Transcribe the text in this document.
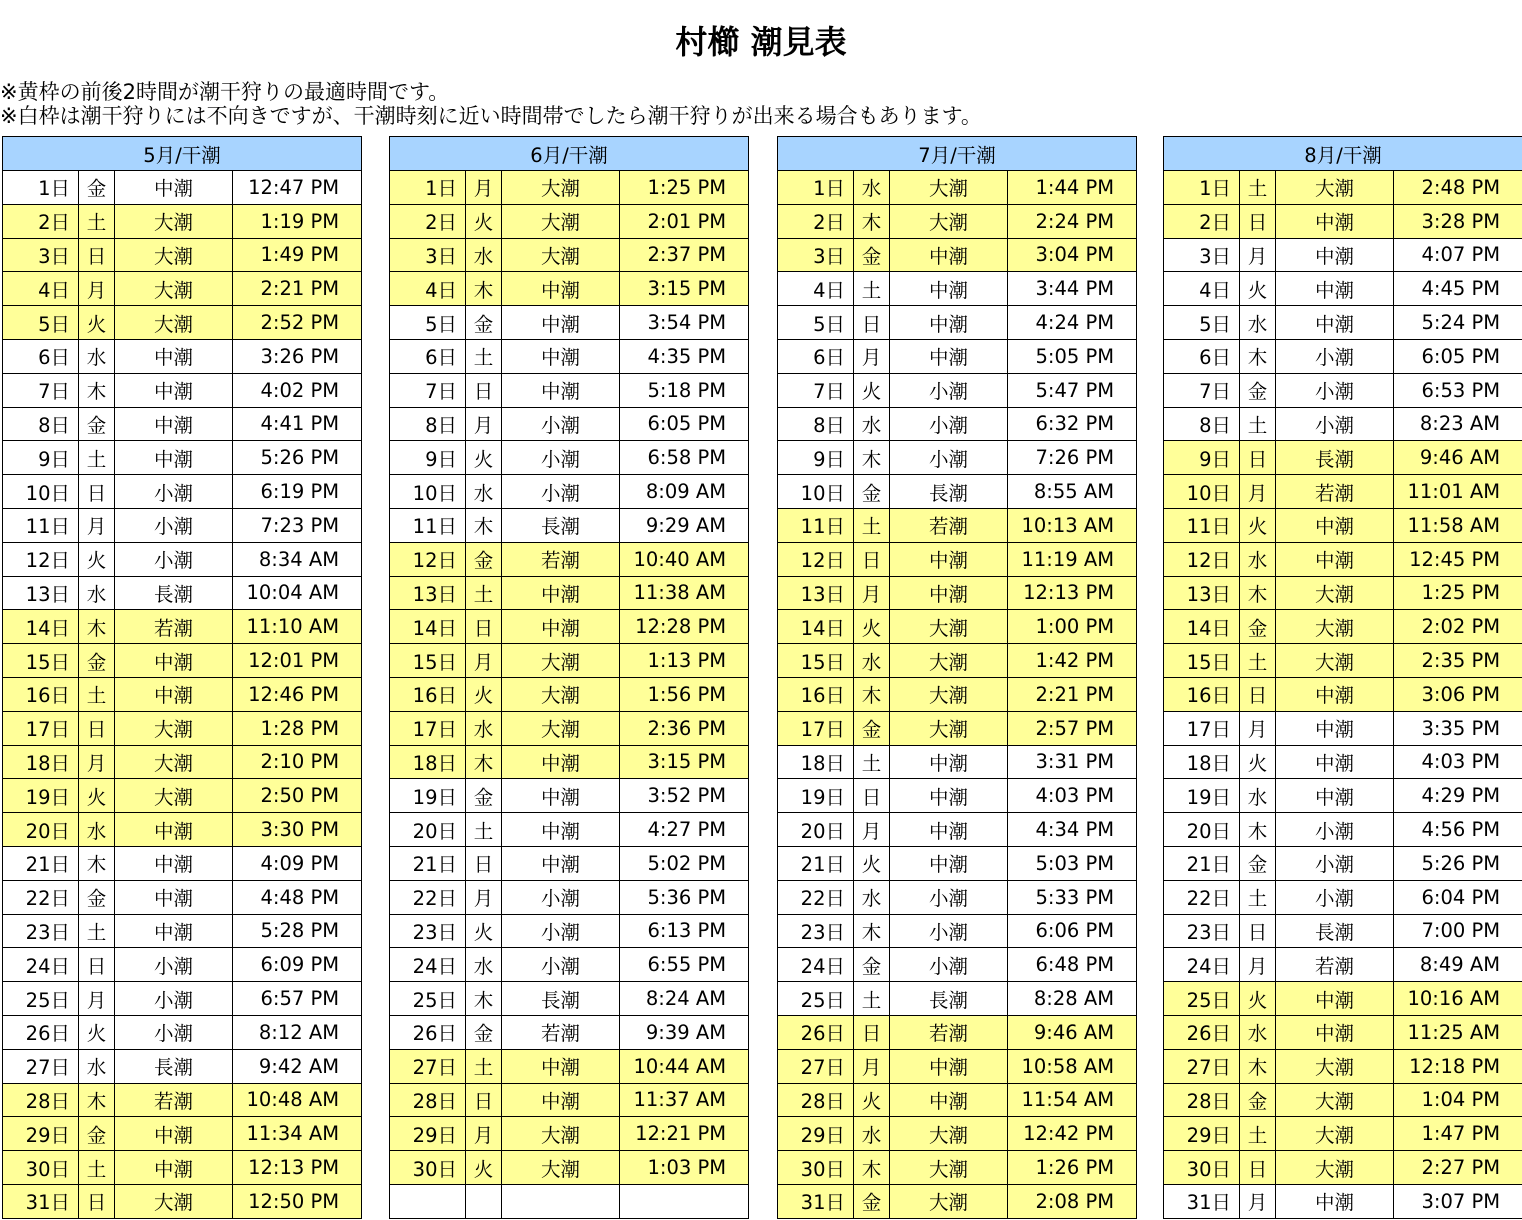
村櫛 潮見表
※黄枠の前後2時間が潮干狩りの最適時間です。
※白枠は潮干狩りには不向きですが、干潮時刻に近い時間帯でしたら潮干狩りが出来る場合もあります。
5月/干潮			
1日	金	中潮	12:47 PM
2日	土	大潮	1:19 PM
3日	日	大潮	1:49 PM
4日	月	大潮	2:21 PM
5日	火	大潮	2:52 PM
6日	水	中潮	3:26 PM
7日	木	中潮	4:02 PM
8日	金	中潮	4:41 PM
9日	土	中潮	5:26 PM
10日	日	小潮	6:19 PM
11日	月	小潮	7:23 PM
12日	火	小潮	8:34 AM
13日	水	長潮	10:04 AM
14日	木	若潮	11:10 AM
15日	金	中潮	12:01 PM
16日	土	中潮	12:46 PM
17日	日	大潮	1:28 PM
18日	月	大潮	2:10 PM
19日	火	大潮	2:50 PM
20日	水	中潮	3:30 PM
21日	木	中潮	4:09 PM
22日	金	中潮	4:48 PM
23日	土	中潮	5:28 PM
24日	日	小潮	6:09 PM
25日	月	小潮	6:57 PM
26日	火	小潮	8:12 AM
27日	水	長潮	9:42 AM
28日	木	若潮	10:48 AM
29日	金	中潮	11:34 AM
30日	土	中潮	12:13 PM
31日	日	大潮	12:50 PM
6月/干潮			
1日	月	大潮	1:25 PM
2日	火	大潮	2:01 PM
3日	水	大潮	2:37 PM
4日	木	中潮	3:15 PM
5日	金	中潮	3:54 PM
6日	土	中潮	4:35 PM
7日	日	中潮	5:18 PM
8日	月	小潮	6:05 PM
9日	火	小潮	6:58 PM
10日	水	小潮	8:09 AM
11日	木	長潮	9:29 AM
12日	金	若潮	10:40 AM
13日	土	中潮	11:38 AM
14日	日	中潮	12:28 PM
15日	月	大潮	1:13 PM
16日	火	大潮	1:56 PM
17日	水	大潮	2:36 PM
18日	木	中潮	3:15 PM
19日	金	中潮	3:52 PM
20日	土	中潮	4:27 PM
21日	日	中潮	5:02 PM
22日	月	小潮	5:36 PM
23日	火	小潮	6:13 PM
24日	水	小潮	6:55 PM
25日	木	長潮	8:24 AM
26日	金	若潮	9:39 AM
27日	土	中潮	10:44 AM
28日	日	中潮	11:37 AM
29日	月	大潮	12:21 PM
30日	火	大潮	1:03 PM

7月/干潮			
1日	水	大潮	1:44 PM
2日	木	大潮	2:24 PM
3日	金	中潮	3:04 PM
4日	土	中潮	3:44 PM
5日	日	中潮	4:24 PM
6日	月	中潮	5:05 PM
7日	火	小潮	5:47 PM
8日	水	小潮	6:32 PM
9日	木	小潮	7:26 PM
10日	金	長潮	8:55 AM
11日	土	若潮	10:13 AM
12日	日	中潮	11:19 AM
13日	月	中潮	12:13 PM
14日	火	大潮	1:00 PM
15日	水	大潮	1:42 PM
16日	木	大潮	2:21 PM
17日	金	大潮	2:57 PM
18日	土	中潮	3:31 PM
19日	日	中潮	4:03 PM
20日	月	中潮	4:34 PM
21日	火	中潮	5:03 PM
22日	水	小潮	5:33 PM
23日	木	小潮	6:06 PM
24日	金	小潮	6:48 PM
25日	土	長潮	8:28 AM
26日	日	若潮	9:46 AM
27日	月	中潮	10:58 AM
28日	火	中潮	11:54 AM
29日	水	大潮	12:42 PM
30日	木	大潮	1:26 PM
31日	金	大潮	2:08 PM
8月/干潮			
1日	土	大潮	2:48 PM
2日	日	中潮	3:28 PM
3日	月	中潮	4:07 PM
4日	火	中潮	4:45 PM
5日	水	中潮	5:24 PM
6日	木	小潮	6:05 PM
7日	金	小潮	6:53 PM
8日	土	小潮	8:23 AM
9日	日	長潮	9:46 AM
10日	月	若潮	11:01 AM
11日	火	中潮	11:58 AM
12日	水	中潮	12:45 PM
13日	木	大潮	1:25 PM
14日	金	大潮	2:02 PM
15日	土	大潮	2:35 PM
16日	日	中潮	3:06 PM
17日	月	中潮	3:35 PM
18日	火	中潮	4:03 PM
19日	水	中潮	4:29 PM
20日	木	小潮	4:56 PM
21日	金	小潮	5:26 PM
22日	土	小潮	6:04 PM
23日	日	長潮	7:00 PM
24日	月	若潮	8:49 AM
25日	火	中潮	10:16 AM
26日	水	中潮	11:25 AM
27日	木	大潮	12:18 PM
28日	金	大潮	1:04 PM
29日	土	大潮	1:47 PM
30日	日	大潮	2:27 PM
31日	月	中潮	3:07 PM
